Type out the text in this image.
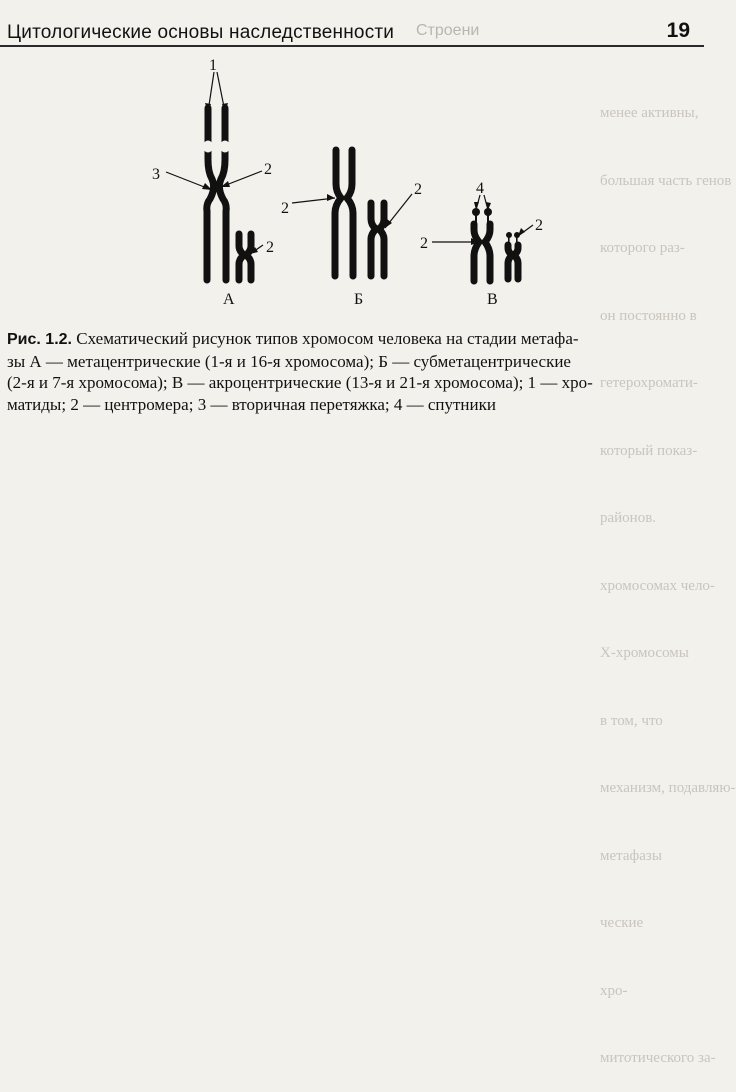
Цитологические основы наследственности Строени	19

менее активны,

большая часть генов

которого раз-

он постоянно в

гетерохромати-

который показ-

районов.

хромосомах чело-

Х-хромосомы

в том, что

механизм, подавляю-

метафазы

ческие

хро-

митотического за-

1
2
3
2
2
2	4
2
2
А	Б	В

Рис. 1.2. Схематический рисунок типов хромосом человека на стадии метафа-

зы А — метацентрические (1-я и 16-я хромосома); Б — субметацентрические

(2-я и 7-я хромосома); В — акроцентрические (13-я и 21-я хромосома); 1 — хро-

матиды; 2 — центромера; 3 — вторичная перетяжка; 4 — спутники
